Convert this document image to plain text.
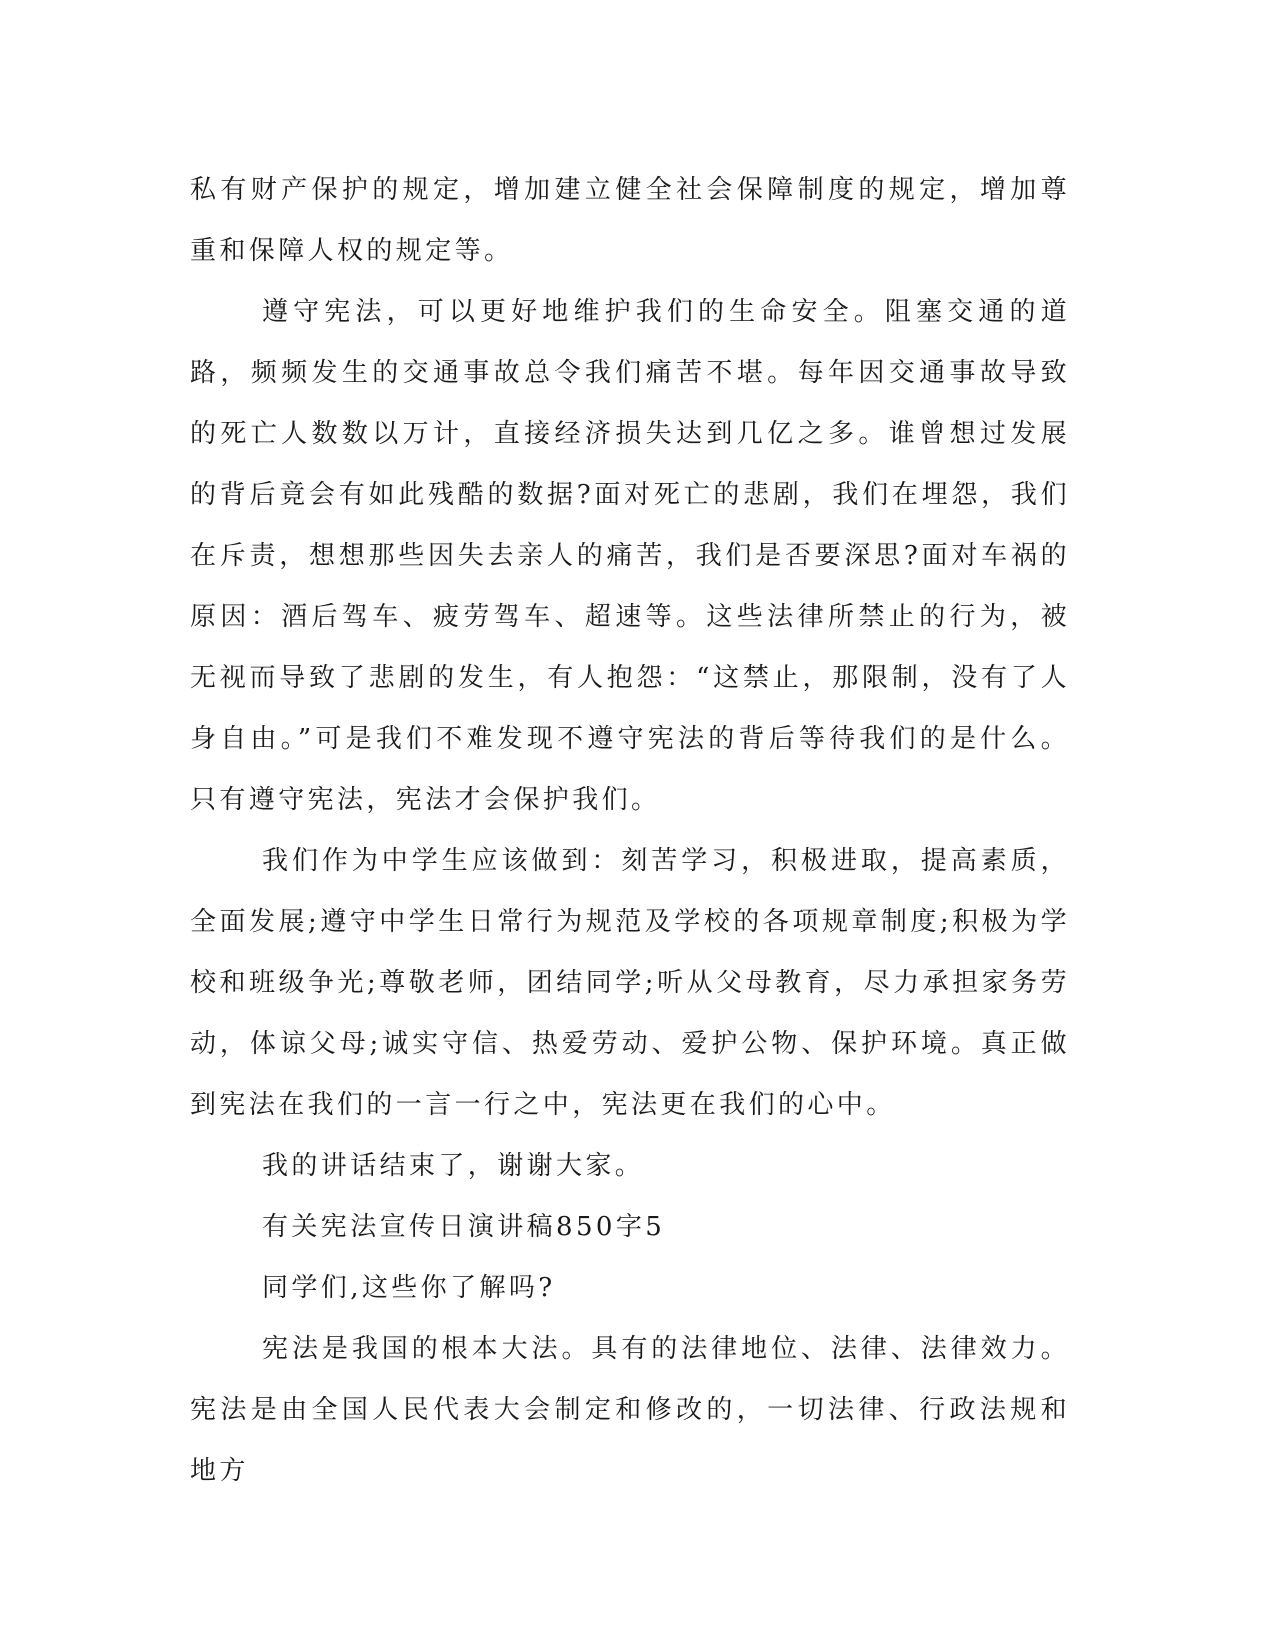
私有财产保护的规定，增加建立健全社会保障制度的规定，增加尊重和保障人权的规定等。

遵守宪法，可以更好地维护我们的生命安全。阻塞交通的道路，频频发生的交通事故总令我们痛苦不堪。每年因交通事故导致的死亡人数数以万计，直接经济损失达到几亿之多。谁曾想过发展的背后竟会有如此残酷的数据?面对死亡的悲剧，我们在埋怨，我们在斥责，想想那些因失去亲人的痛苦，我们是否要深思?面对车祸的原因：酒后驾车、疲劳驾车、超速等。这些法律所禁止的行为，被无视而导致了悲剧的发生，有人抱怨：“这禁止，那限制，没有了人身自由。”可是我们不难发现不遵守宪法的背后等待我们的是什么。只有遵守宪法，宪法才会保护我们。

我们作为中学生应该做到：刻苦学习，积极进取，提高素质，全面发展;遵守中学生日常行为规范及学校的各项规章制度;积极为学校和班级争光;尊敬老师，团结同学;听从父母教育，尽力承担家务劳动，体谅父母;诚实守信、热爱劳动、爱护公物、保护环境。真正做到宪法在我们的一言一行之中，宪法更在我们的心中。

我的讲话结束了，谢谢大家。

有关宪法宣传日演讲稿850字5

同学们,这些你了解吗?

宪法是我国的根本大法。具有的法律地位、法律、法律效力。宪法是由全国人民代表大会制定和修改的，一切法律、行政法规和地方
